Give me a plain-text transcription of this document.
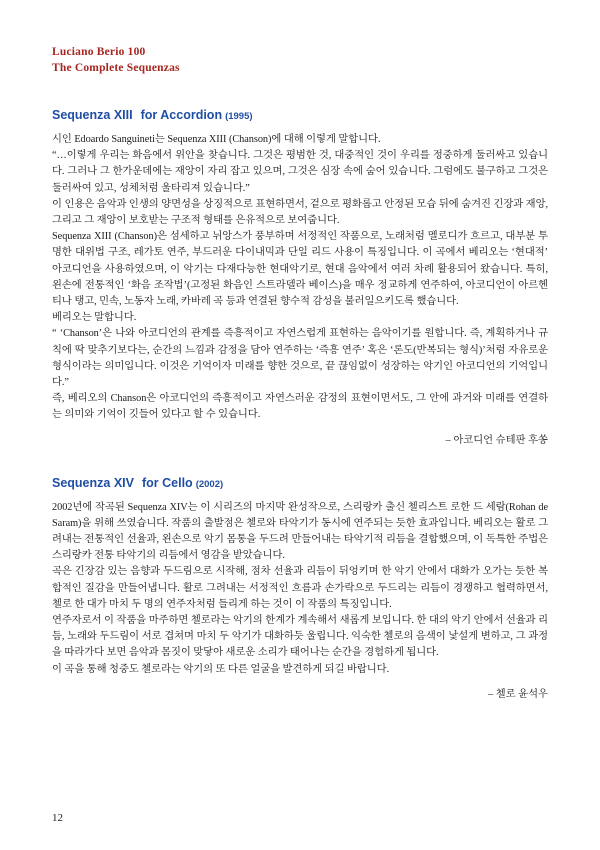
Luciano Berio 100
The Complete Sequenzas
Sequenza XIII for Accordion (1995)

시인 Edoardo Sanguineti는 Sequenza XIII (Chanson)에 대해 이렇게 말합니다.

“…이렇게 우리는 화음에서 위안을 찾습니다. 그것은 평범한 것, 대중적인 것이 우리를 정중하게 둘러싸고 있습니다. 그러나 그 한가운데에는 재앙이 자리 잡고 있으며, 그것은 심장 속에 숨어 있습니다. 그럼에도 불구하고 그것은 둘러싸여 있고, 성체처럼 울타리져 있습니다.”

이 인용은 음악과 인생의 양면성을 상징적으로 표현하면서, 겉으로 평화롭고 안정된 모습 뒤에 숨겨진 긴장과 재앙, 그리고 그 재앙이 보호받는 구조적 형태를 은유적으로 보여줍니다.

Sequenza XIII (Chanson)은 섬세하고 뉘앙스가 풍부하며 서정적인 작품으로, 노래처럼 멜로디가 흐르고, 대부분 투명한 대위법 구조, 레가토 연주, 부드러운 다이내믹과 단일 리드 사용이 특징입니다. 이 곡에서 베리오는 ‘현대적’ 아코디언을 사용하였으며, 이 악기는 다재다능한 현대악기로, 현대 음악에서 여러 차례 활용되어 왔습니다. 특히, 왼손에 전통적인 ‘화음 조작법’(고정된 화음인 스트라델라 베이스)을 매우 정교하게 연주하여, 아코디언이 아르헨티나 탱고, 민속, 노동자 노래, 카바레 곡 등과 연결된 향수적 감성을 불러일으키도록 했습니다.

베리오는 말합니다.

“ ‘Chanson’은 나와 아코디언의 관계를 즉흥적이고 자연스럽게 표현하는 음악이기를 원합니다. 즉, 계획하거나 규칙에 딱 맞추기보다는, 순간의 느낌과 감정을 담아 연주하는 ‘즉흥 연주’ 혹은 ‘론도(반복되는 형식)’처럼 자유로운 형식이라는 의미입니다. 이것은 기억이자 미래를 향한 것으로, 끝 끊임없이 성장하는 악기인 아코디언의 기억입니다.”

즉, 베리오의 Chanson은 아코디언의 즉흥적이고 자연스러운 감정의 표현이면서도, 그 안에 과거와 미래를 연결하는 의미와 기억이 깃들어 있다고 할 수 있습니다.

– 아코디언 슈테판 후쏭

Sequenza XIV for Cello (2002)

2002년에 작곡된 Sequenza XIV는 이 시리즈의 마지막 완성작으로, 스리랑카 출신 첼리스트 로한 드 세람(Rohan de Saram)을 위해 쓰였습니다. 작품의 출발점은 첼로와 타악기가 동시에 연주되는 듯한 효과입니다. 베리오는 활로 그려내는 전통적인 선율과, 왼손으로 악기 몸통을 두드려 만들어내는 타악기적 리듬을 결합했으며, 이 독특한 주법은 스리랑카 전통 타악기의 리듬에서 영감을 받았습니다.

곡은 긴장감 있는 음향과 두드림으로 시작해, 점차 선율과 리듬이 뒤엉키며 한 악기 안에서 대화가 오가는 듯한 복합적인 질감을 만들어냅니다. 활로 그려내는 서정적인 흐름과 손가락으로 두드리는 리듬이 경쟁하고 협력하면서, 첼로 한 대가 마치 두 명의 연주자처럼 들리게 하는 것이 이 작품의 특징입니다.

연주자로서 이 작품을 마주하면 첼로라는 악기의 한계가 계속해서 새롭게 보입니다. 한 대의 악기 안에서 선율과 리듬, 노래와 두드림이 서로 겹쳐며 마치 두 악기가 대화하듯 울립니다. 익숙한 첼로의 음색이 낯설게 변하고, 그 과정을 따라가다 보면 음악과 몸짓이 맞닿아 새로운 소리가 태어나는 순간을 경험하게 됩니다.

이 곡을 통해 청중도 첼로라는 악기의 또 다른 얼굴을 발견하게 되길 바랍니다.

– 첼로 윤석우

12
